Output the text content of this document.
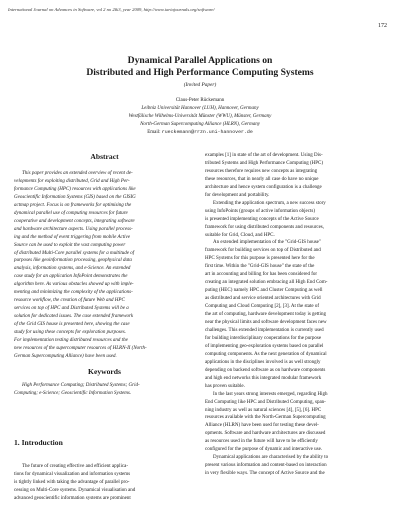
International Journal on Advances in Software, vol 2 no 2&3, year 2009, http://www.iariajournals.org/software/
172
Dynamical Parallel Applications on
Distributed and High Performance Computing Systems
(Invited Paper)
Claus-Peter Rückemann
Leibniz Universität Hannover (LUH), Hannover, Germany
Westfälische Wilhelms-Universität Münster (WWU), Münster, Germany
North-German Supercomputing Alliance (HLRN), Germany
Email: rueckemann@rrzn.uni-hannover.de
Abstract

This paper provides an extended overview of recent de-

velopments for exploiting distributed, Grid and High Per-

formance Computing (HPC) resources with applications like

Geoscientific Information Systems (GIS) based on the GISIG

actmap project. Focus is on frameworks for optimising the

dynamical parallel use of computing resources for future

cooperative and development concepts, integrating software

and hardware architecture aspects. Using parallel process-

ing and the method of event triggering from mobile Active

Source can be used to exploit the vast computing power

of distributed Multi-Core parallel systems for a multitude of

purposes like geoinformation processing, geophysical data

analysis, information systems, and e-Science. An extended

case study for an application InfoPoint demonstrates the

algorithm here. As various obstacles showed up with imple-

menting and minimizing the complexity of the applications-

resource workflow, the creation of future Web and HPC

services on top of HPC and Distributed Systems will be a

solution for dedicated issues. The case extended framework

of the Grid GIS house is presented here, showing the case

study for using these concepts for exploration purposes.

For implementation testing distributed resources and the

new resources of the supercomputer resources of HLRN-II (North-

German Supercomputing Alliance) have been used.

Keywords

High Performance Computing; Distributed Systems; Grid-

Computing; e-Science; Geoscientific Information Systems.

1. Introduction

The future of creating effective and efficient applica-

tions for dynamical visualization and information systems

is tightly linked with taking the advantage of parallel pro-

cessing on Multi-Core systems. Dynamical visualisation and

advanced geoscientific information systems are prominent

examples [1] in state of the art of development. Using Dis-

tributed Systems and High Performance Computing (HPC)

resources therefore requires new concepts as integrating

these resources, that in nearly all case do have no unique

architecture and hence system configuration is a challenge

for development and portability.

Extending the application spectrum, a new success story

using InfoPoints (groups of active information objects)

is presented implementing concepts of the Active Source

framework for using distributed components and resources,

suitable for Grid, Cloud, and HPC.

An extended implementation of the "Grid-GIS house"

framework for building services on top of Distributed and

HPC Systems for this purpose is presented here for the

first time. Within the "Grid-GIS house" the state of the

art in accounting and billing for has been considered for

creating an integrated solution embracing all High End Com-

puting (HEC) namely HPC and Cluster Computing as well

as distributed and service oriented architectures with Grid

Computing and Cloud Computing [2], [3]. At the state of

the art of computing, hardware development today is getting

near the physical limits and software development faces new

challenges. This extended implementation is currently used

for building interdisciplinary cooperations for the purpose

of implementing geo-exploration systems based on parallel

computing components. As the next generation of dynamical

applications in the disciplines involved is as well strongly

depending on backend software as on hardware components

and high end networks this integrated modular framework

has proven suitable.

In the last years strong interests emerged, regarding High

End Computing like HPC and Distributed Computing, span-

ning industry as well as natural sciences [4], [5], [6]. HPC

resources available with the North-German Supercomputing

Alliance (HLRN) have been used for testing these devel-

opments. Software and hardware architectures are discussed

as resources used in the future will have to be efficiently

configured for the purpose of dynamic and interactive use.

Dynamical applications are characterised by the ability to

present various information and content-based on interaction

in very flexible ways. The concept of Active Source and the
